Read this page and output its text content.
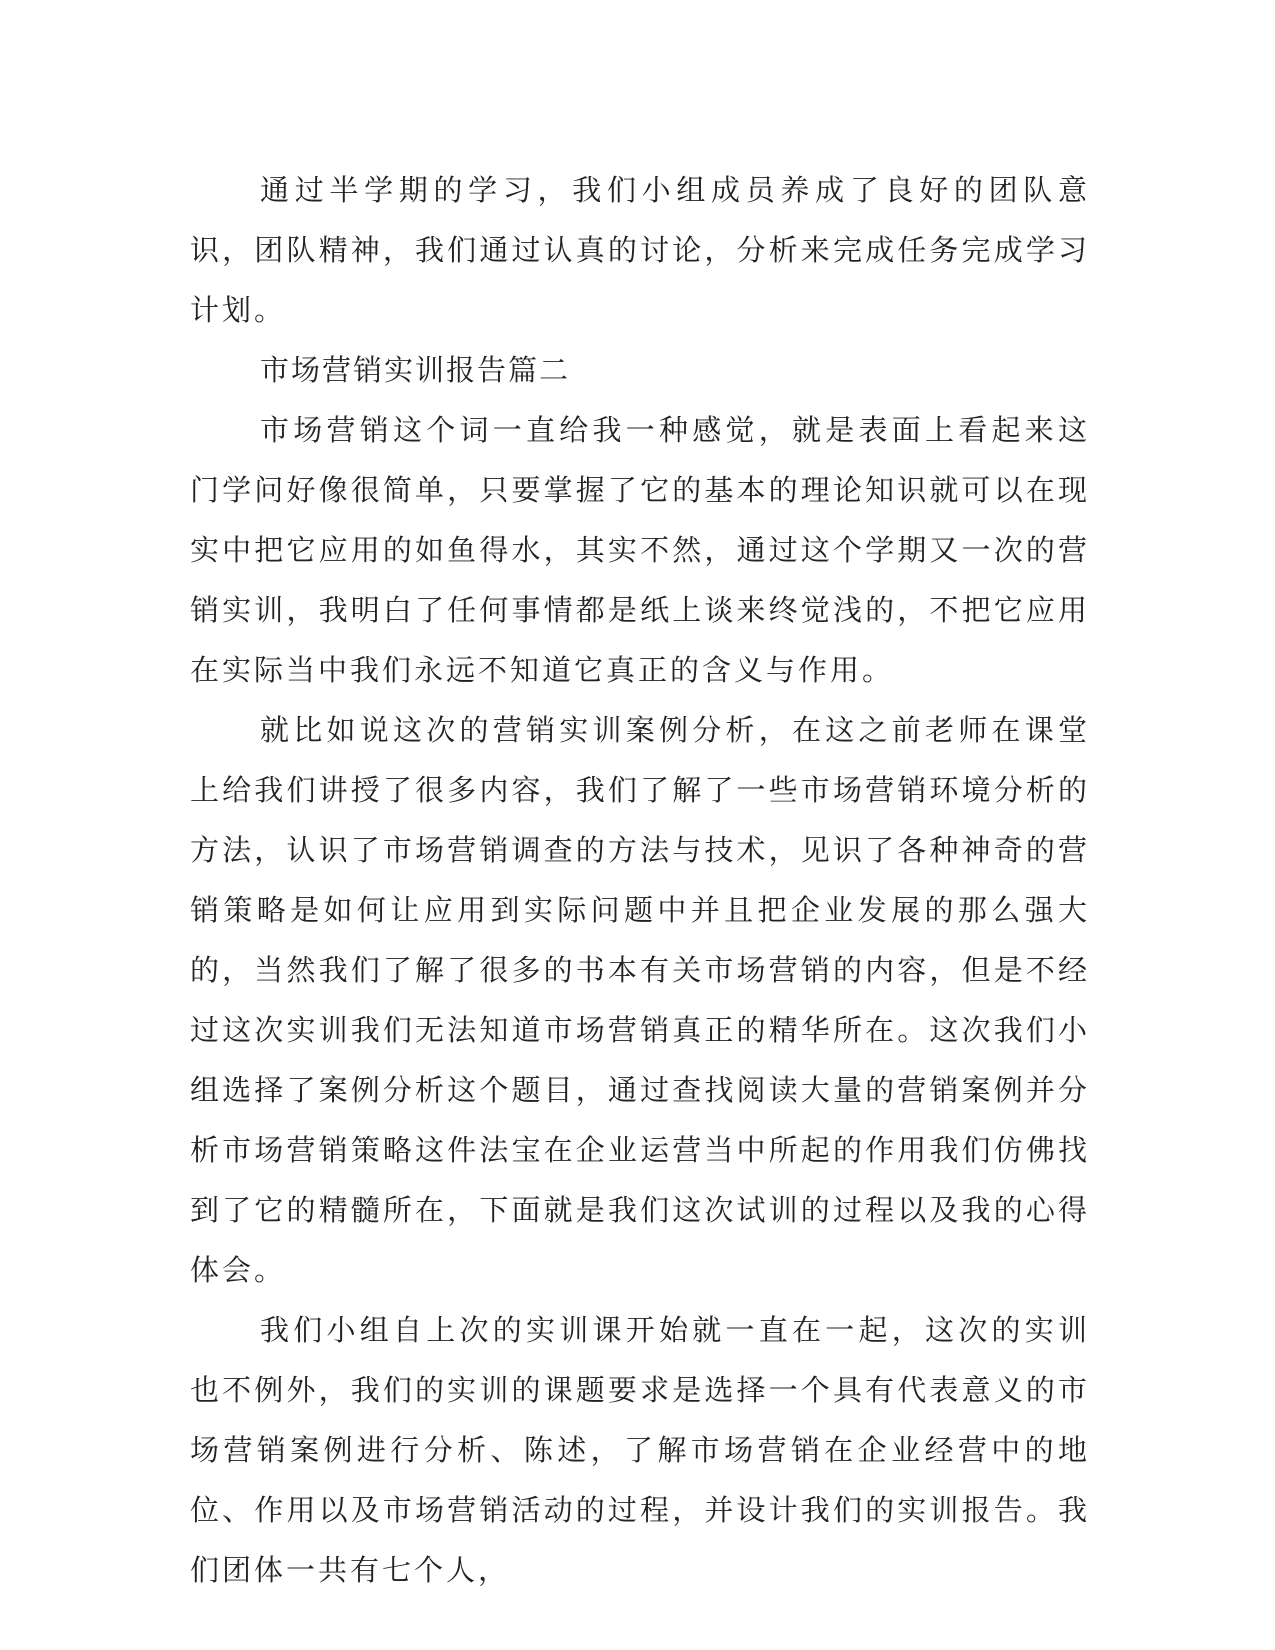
通过半学期的学习，我们小组成员养成了良好的团队意识，团队精神，我们通过认真的讨论，分析来完成任务完成学习计划。

市场营销实训报告篇二

市场营销这个词一直给我一种感觉，就是表面上看起来这门学问好像很简单，只要掌握了它的基本的理论知识就可以在现实中把它应用的如鱼得水，其实不然，通过这个学期又一次的营销实训，我明白了任何事情都是纸上谈来终觉浅的，不把它应用在实际当中我们永远不知道它真正的含义与作用。

就比如说这次的营销实训案例分析，在这之前老师在课堂上给我们讲授了很多内容，我们了解了一些市场营销环境分析的方法，认识了市场营销调查的方法与技术，见识了各种神奇的营销策略是如何让应用到实际问题中并且把企业发展的那么强大的，当然我们了解了很多的书本有关市场营销的内容，但是不经过这次实训我们无法知道市场营销真正的精华所在。这次我们小组选择了案例分析这个题目，通过查找阅读大量的营销案例并分析市场营销策略这件法宝在企业运营当中所起的作用我们仿佛找到了它的精髓所在，下面就是我们这次试训的过程以及我的心得体会。

我们小组自上次的实训课开始就一直在一起，这次的实训也不例外，我们的实训的课题要求是选择一个具有代表意义的市场营销案例进行分析、陈述，了解市场营销在企业经营中的地位、作用以及市场营销活动的过程，并设计我们的实训报告。我们团体一共有七个人，
